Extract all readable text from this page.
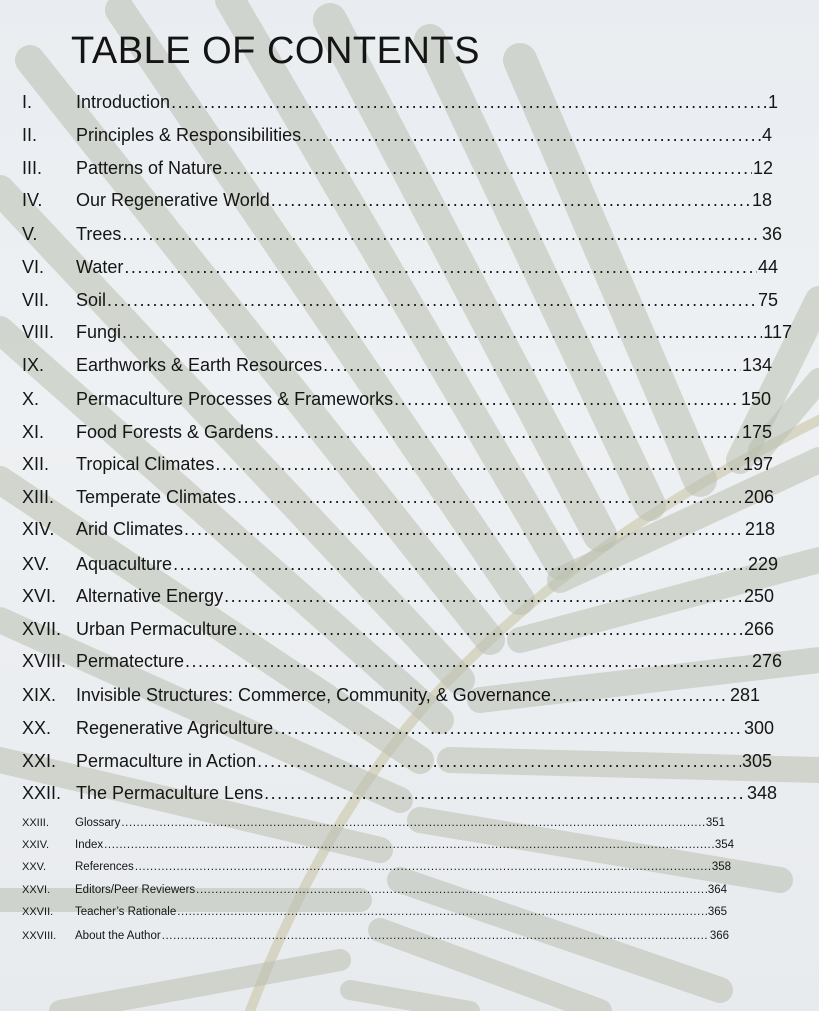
TABLE OF CONTENTS
I.	Introduction .....	1
II.	Principles & Responsibilities .....	4
III.	Patterns of Nature .....	12
IV.	Our Regenerative World .....	18
V.	Trees .....	36
VI.	Water .....	44
VII.	Soil .....	75
VIII.	Fungi .....	117
IX.	Earthworks & Earth Resources .....	134
X.	Permaculture Processes & Frameworks .....	150
XI.	Food Forests & Gardens .....	175
XII.	Tropical Climates .....	197
XIII.	Temperate Climates .....	206
XIV.	Arid Climates .....	218
XV.	Aquaculture .....	229
XVI.	Alternative Energy .....	250
XVII. Urban Permaculture .....	266
XVIII. Permatecture .....	276
XIX.	Invisible Structures: Commerce, Community, & Governance .....	281
XX.	Regenerative Agriculture .....	300
XXI.	Permaculture in Action .....	305
XXII. The Permaculture Lens .....	348
XXIII.	Glossary .....	351
XXIV.	Index .....	354
XXV.	References .....	358
XXVI.	Editors/Peer Reviewers .....	364
XXVII.	Teacher’s Rationale .....	365
XXVIII.	About the Author .....	366
